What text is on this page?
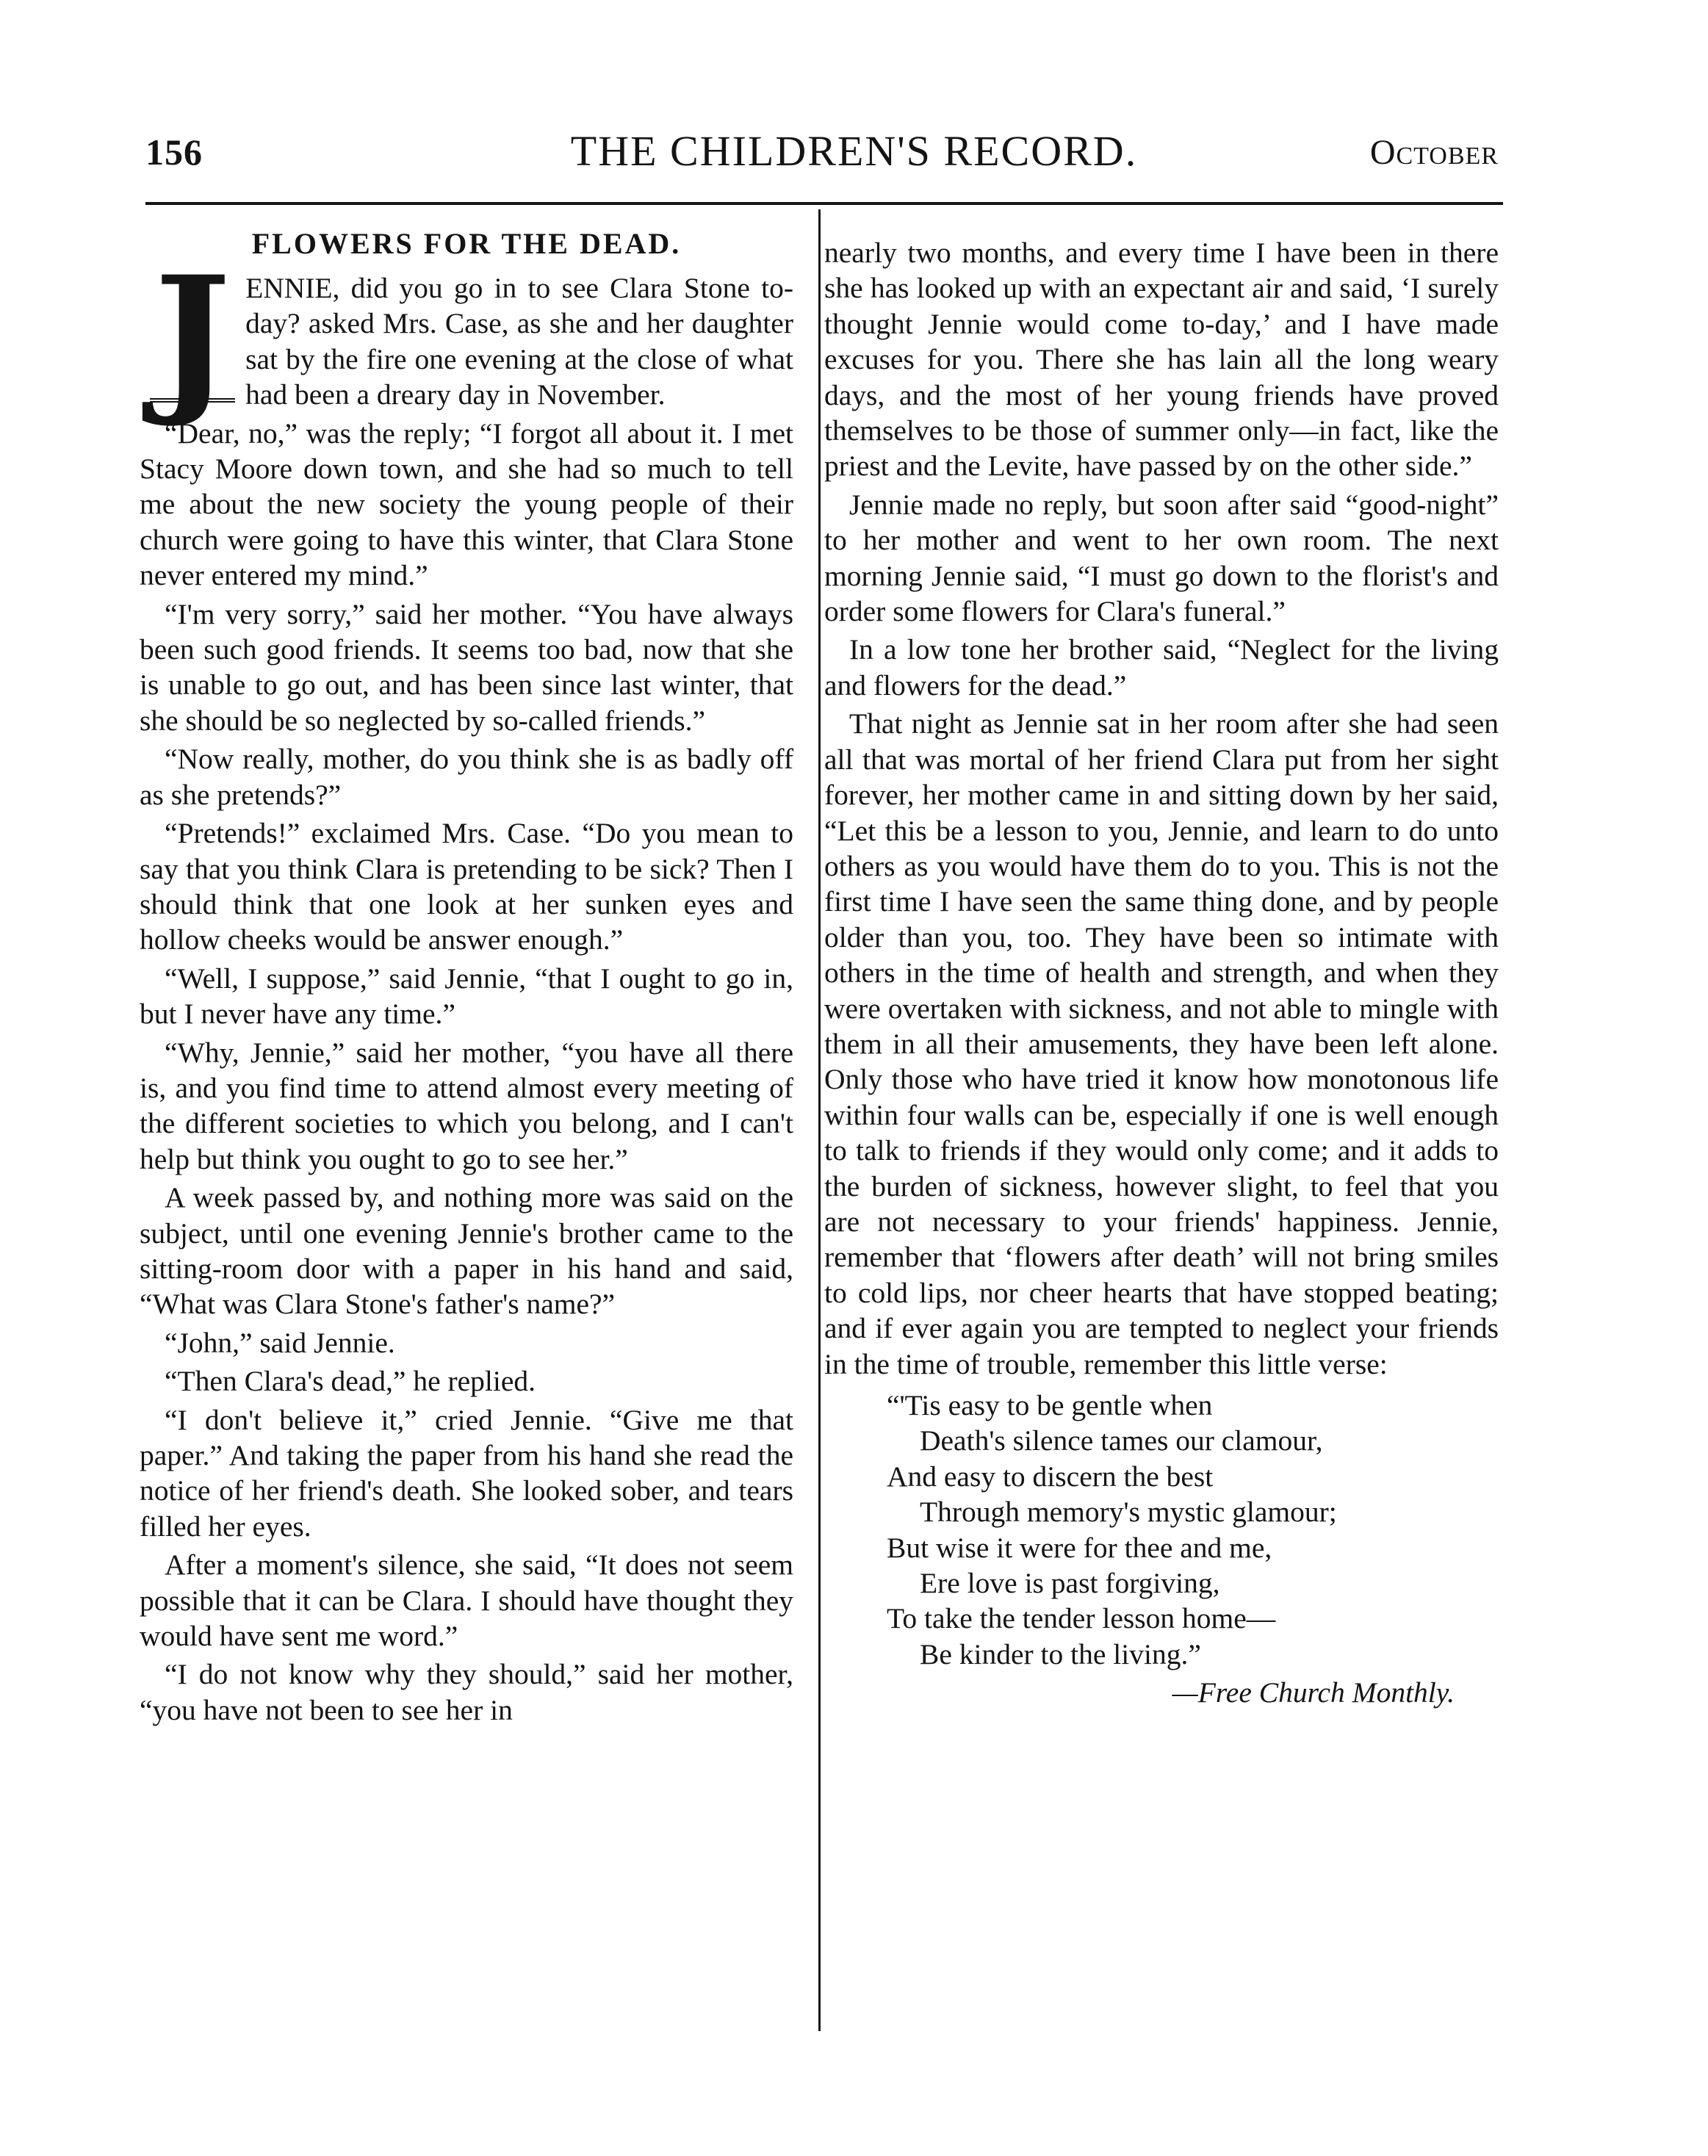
156	THE CHILDREN'S RECORD.	October
FLOWERS FOR THE DEAD.

J ENNIE, did you go in to see Clara Stone to-day? asked Mrs. Case, as she and her daughter sat by the fire one evening at the close of what had been a dreary day in November.

“Dear, no,” was the reply; “I forgot all about it. I met Stacy Moore down town, and she had so much to tell me about the new society the young people of their church were going to have this winter, that Clara Stone never entered my mind.”

“I'm very sorry,” said her mother. “You have always been such good friends. It seems too bad, now that she is unable to go out, and has been since last winter, that she should be so neglected by so-called friends.”

“Now really, mother, do you think she is as badly off as she pretends?”

“Pretends!” exclaimed Mrs. Case. “Do you mean to say that you think Clara is pretending to be sick? Then I should think that one look at her sunken eyes and hollow cheeks would be answer enough.”

“Well, I suppose,” said Jennie, “that I ought to go in, but I never have any time.”

“Why, Jennie,” said her mother, “you have all there is, and you find time to attend almost every meeting of the different societies to which you belong, and I can't help but think you ought to go to see her.”

A week passed by, and nothing more was said on the subject, until one evening Jennie's brother came to the sitting-room door with a paper in his hand and said, “What was Clara Stone's father's name?”

“John,” said Jennie.

“Then Clara's dead,” he replied.

“I don't believe it,” cried Jennie. “Give me that paper.” And taking the paper from his hand she read the notice of her friend's death. She looked sober, and tears filled her eyes.

After a moment's silence, she said, “It does not seem possible that it can be Clara. I should have thought they would have sent me word.”

“I do not know why they should,” said her mother, “you have not been to see her in

nearly two months, and every time I have been in there she has looked up with an expectant air and said, ‘I surely thought Jennie would come to-day,’ and I have made excuses for you. There she has lain all the long weary days, and the most of her young friends have proved themselves to be those of summer only—in fact, like the priest and the Levite, have passed by on the other side.”

Jennie made no reply, but soon after said “good-night” to her mother and went to her own room. The next morning Jennie said, “I must go down to the florist's and order some flowers for Clara's funeral.”

In a low tone her brother said, “Neglect for the living and flowers for the dead.”

That night as Jennie sat in her room after she had seen all that was mortal of her friend Clara put from her sight forever, her mother came in and sitting down by her said, “Let this be a lesson to you, Jennie, and learn to do unto others as you would have them do to you. This is not the first time I have seen the same thing done, and by people older than you, too. They have been so intimate with others in the time of health and strength, and when they were overtaken with sickness, and not able to mingle with them in all their amusements, they have been left alone. Only those who have tried it know how monotonous life within four walls can be, especially if one is well enough to talk to friends if they would only come; and it adds to the burden of sickness, however slight, to feel that you are not necessary to your friends' happiness. Jennie, remember that ‘flowers after death’ will not bring smiles to cold lips, nor cheer hearts that have stopped beating; and if ever again you are tempted to neglect your friends in the time of trouble, remember this little verse:

“'Tis easy to be gentle when
Death's silence tames our clamour,
And easy to discern the best
Through memory's mystic glamour;
But wise it were for thee and me,
Ere love is past forgiving,
To take the tender lesson home—
Be kinder to the living.”
—Free Church Monthly.
